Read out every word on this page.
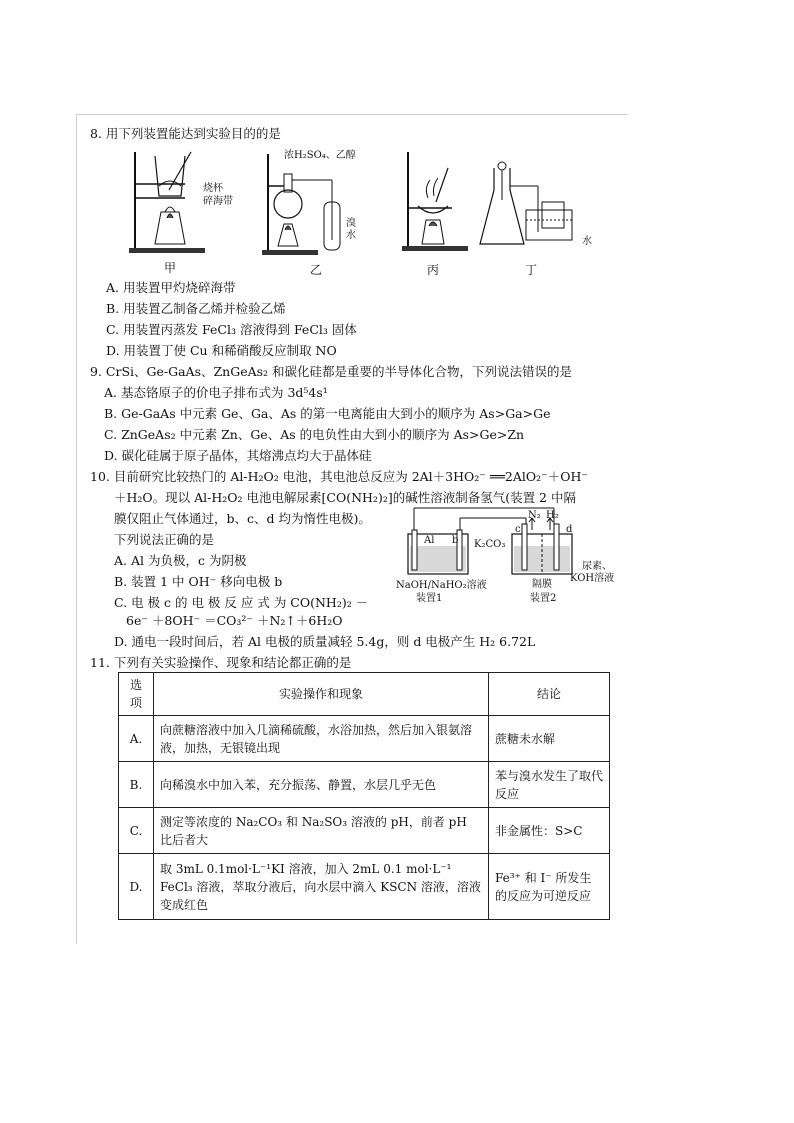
8. 用下列装置能达到实验目的的是
烧杯
碎海带
浓H₂SO₄、乙醇
溴
水
水
甲	乙	丙	丁
A. 用装置甲灼烧碎海带
B. 用装置乙制备乙烯并检验乙烯
C. 用装置丙蒸发 FeCl₃ 溶液得到 FeCl₃ 固体
D. 用装置丁使 Cu 和稀硝酸反应制取 NO
9. CrSi、Ge-GaAs、ZnGeAs₂ 和碳化硅都是重要的半导体化合物，下列说法错误的是
A. 基态铬原子的价电子排布式为 3d⁵4s¹
B. Ge-GaAs 中元素 Ge、Ga、As 的第一电离能由大到小的顺序为 As>Ga>Ge
C. ZnGeAs₂ 中元素 Zn、Ge、As 的电负性由大到小的顺序为 As>Ge>Zn
D. 碳化硅属于原子晶体，其熔沸点均大于晶体硅
10. 目前研究比较热门的 Al-H₂O₂ 电池，其电池总反应为 2Al＋3HO₂⁻ ══2AlO₂⁻＋OH⁻
＋H₂O。现以 Al-H₂O₂ 电池电解尿素[CO(NH₂)₂]的碱性溶液制备氢气(装置 2 中隔
膜仅阻止气体通过，b、c、d 均为惰性电极)。
下列说法正确的是
A. Al 为负极，c 为阴极
B. 装置 1 中 OH⁻ 移向电极 b
C. 电 极 c 的 电 极 反 应 式 为 CO(NH₂)₂ －
6e⁻ ＋8OH⁻ ＝CO₃²⁻ ＋N₂↑＋6H₂O
D. 通电一段时间后，若 Al 电极的质量减轻 5.4g，则 d 电极产生 H₂ 6.72L
Al b
c	d
N₂ H₂
K₂CO₃
NaOH/NaHO₂溶液
装置1
隔膜
装置2
尿素、
KOH溶液
11. 下列有关实验操作、现象和结论都正确的是
选项	实验操作和现象	结论
A.	向蔗糖溶液中加入几滴稀硫酸，水浴加热，然后加入银氨溶液，加热，无银镜出现	蔗糖未水解
B.	向稀溴水中加入苯，充分振荡、静置，水层几乎无色	苯与溴水发生了取代反应
C.	测定等浓度的 Na₂CO₃ 和 Na₂SO₃ 溶液的 pH，前者 pH 比后者大	非金属性：S>C
D.	取 3mL 0.1mol·L⁻¹KI 溶液，加入 2mL 0.1 mol·L⁻¹ FeCl₃ 溶液，萃取分液后，向水层中滴入 KSCN 溶液，溶液变成红色	Fe³⁺ 和 I⁻ 所发生的反应为可逆反应
